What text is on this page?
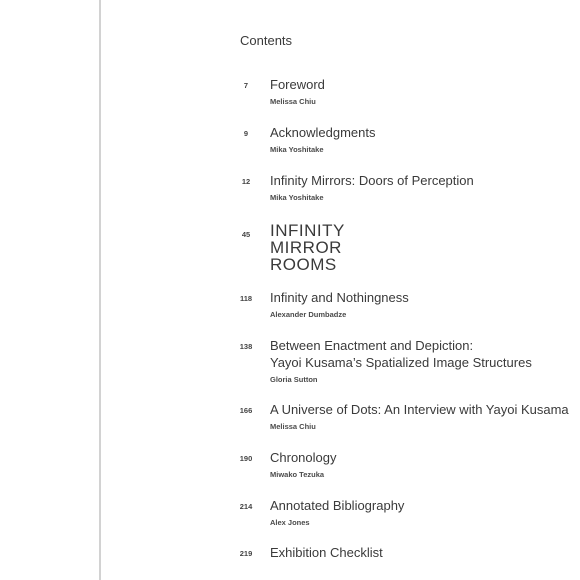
Contents
7	Foreword
Melissa Chiu
9	Acknowledgments
Mika Yoshitake
12 Infinity Mirrors: Doors of Perception
Mika Yoshitake
45 INFINITY
MIRROR
ROOMS
118 Infinity and Nothingness
Alexander Dumbadze
138 Between Enactment and Depiction:
Yayoi Kusama’s Spatialized Image Structures
Gloria Sutton
166 A Universe of Dots: An Interview with Yayoi Kusama
Melissa Chiu
190 Chronology
Miwako Tezuka
214 Annotated Bibliography
Alex Jones
219 Exhibition Checklist
